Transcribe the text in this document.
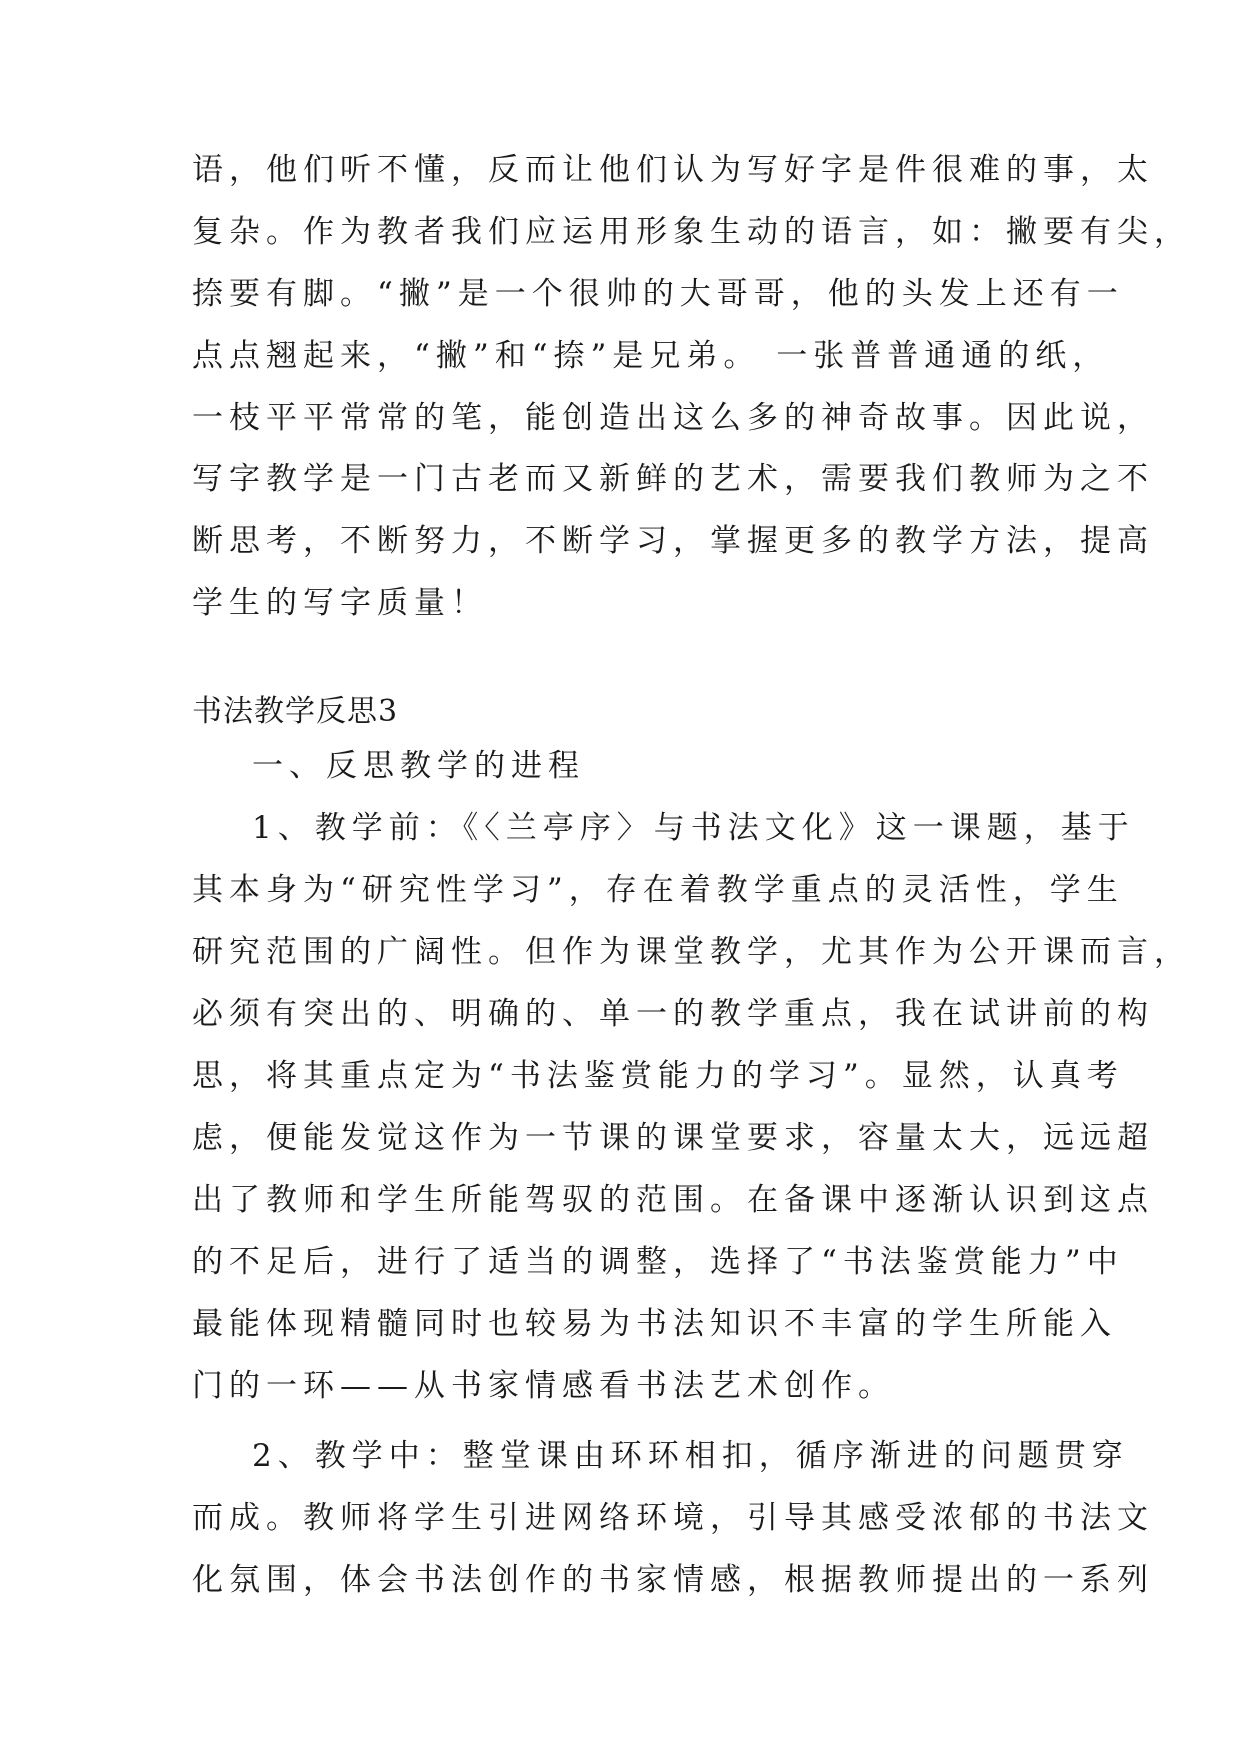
语，他们听不懂，反而让他们认为写好字是件很难的事，太

复杂。作为教者我们应运用形象生动的语言，如：撇要有尖，

捺要有脚。“撇”是一个很帅的大哥哥，他的头发上还有一

点点翘起来，“撇”和“捺”是兄弟。 一张普普通通的纸，

一枝平平常常的笔，能创造出这么多的神奇故事。因此说，

写字教学是一门古老而又新鲜的艺术，需要我们教师为之不

断思考，不断努力，不断学习，掌握更多的教学方法，提高

学生的写字质量！

书法教学反思3

一、反思教学的进程

1、教学前：《〈兰亭序〉与书法文化》这一课题，基于

其本身为“研究性学习”，存在着教学重点的灵活性，学生

研究范围的广阔性。但作为课堂教学，尤其作为公开课而言，

必须有突出的、明确的、单一的教学重点，我在试讲前的构

思，将其重点定为“书法鉴赏能力的学习”。显然，认真考

虑，便能发觉这作为一节课的课堂要求，容量太大，远远超

出了教师和学生所能驾驭的范围。在备课中逐渐认识到这点

的不足后，进行了适当的调整，选择了“书法鉴赏能力”中

最能体现精髓同时也较易为书法知识不丰富的学生所能入

门的一环——从书家情感看书法艺术创作。

2、教学中：整堂课由环环相扣，循序渐进的问题贯穿

而成。教师将学生引进网络环境，引导其感受浓郁的书法文

化氛围，体会书法创作的书家情感，根据教师提出的一系列
